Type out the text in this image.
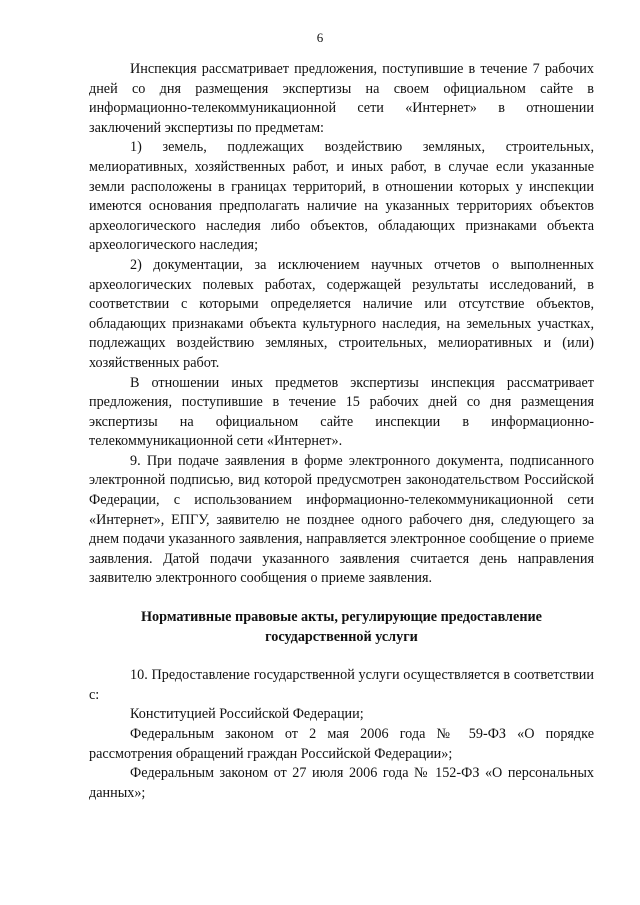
6

Инспекция рассматривает предложения, поступившие в течение 7 рабочих дней со дня размещения экспертизы на своем официальном сайте в информационно-телекоммуникационной сети «Интернет» в отношении заключений экспертизы по предметам:

1) земель, подлежащих воздействию земляных, строительных, мелиоративных, хозяйственных работ, и иных работ, в случае если указанные земли расположены в границах территорий, в отношении которых у инспекции имеются основания предполагать наличие на указанных территориях объектов археологического наследия либо объектов, обладающих признаками объекта археологического наследия;

2) документации, за исключением научных отчетов о выполненных археологических полевых работах, содержащей результаты исследований, в соответствии с которыми определяется наличие или отсутствие объектов, обладающих признаками объекта культурного наследия, на земельных участках, подлежащих воздействию земляных, строительных, мелиоративных и (или) хозяйственных работ.

В отношении иных предметов экспертизы инспекция рассматривает предложения, поступившие в течение 15 рабочих дней со дня размещения экспертизы на официальном сайте инспекции в информационно-телекоммуникационной сети «Интернет».

9. При подаче заявления в форме электронного документа, подписанного электронной подписью, вид которой предусмотрен законодательством Российской Федерации, с использованием информационно-телекоммуникационной сети «Интернет», ЕПГУ, заявителю не позднее одного рабочего дня, следующего за днем подачи указанного заявления, направляется электронное сообщение о приеме заявления. Датой подачи указанного заявления считается день направления заявителю электронного сообщения о приеме заявления.

Нормативные правовые акты, регулирующие предоставление
государственной услуги

10. Предоставление государственной услуги осуществляется в соответствии с:

Конституцией Российской Федерации;

Федеральным законом от 2 мая 2006 года № 59-ФЗ «О порядке рассмотрения обращений граждан Российской Федерации»;

Федеральным законом от 27 июля 2006 года № 152-ФЗ «О персональных данных»;
